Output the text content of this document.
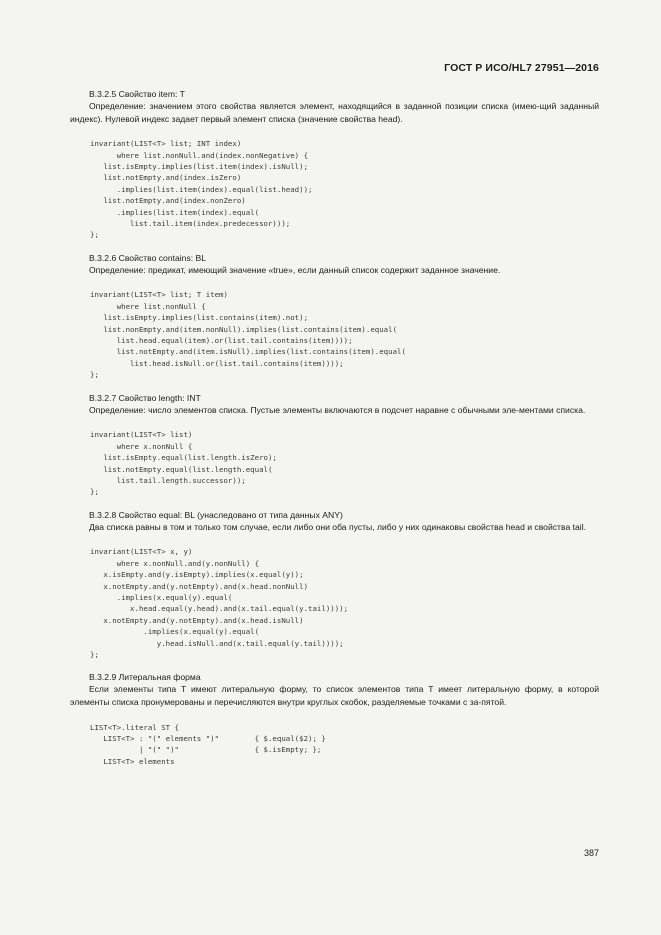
ГОСТ Р ИСО/HL7 27951—2016
B.3.2.5 Свойство item: T
Определение: значением этого свойства является элемент, находящийся в заданной позиции списка (имею-щий заданный индекс). Нулевой индекс задает первый элемент списка (значение свойства head).
invariant(LIST<T> list; INT index)
where list.nonNull.and(index.nonNegative) {
list.isEmpty.implies(list.item(index).isNull);
list.notEmpty.and(index.isZero)
.implies(list.item(index).equal(list.head));
list.notEmpty.and(index.nonZero)
.implies(list.item(index).equal(
list.tail.item(index.predecessor)));
};
B.3.2.6 Свойство contains: BL
Определение: предикат, имеющий значение «true», если данный список содержит заданное значение.
invariant(LIST<T> list; T item)
where list.nonNull {
list.isEmpty.implies(list.contains(item).not);
list.nonEmpty.and(item.nonNull).implies(list.contains(item).equal(
list.head.equal(item).or(list.tail.contains(item))));
list.notEmpty.and(item.isNull).implies(list.contains(item).equal(
list.head.isNull.or(list.tail.contains(item))));
};
B.3.2.7 Свойство length: INT
Определение: число элементов списка. Пустые элементы включаются в подсчет наравне с обычными эле-ментами списка.
invariant(LIST<T> list)
where x.nonNull {
list.isEmpty.equal(list.length.isZero);
list.notEmpty.equal(list.length.equal(
list.tail.length.successor));
};
B.3.2.8 Свойство equal: BL (унаследовано от типа данных ANY)
Два списка равны в том и только том случае, если либо они оба пусты, либо у них одинаковы свойства head и свойства tail.
invariant(LIST<T> x, y)
where x.nonNull.and(y.nonNull) {
x.isEmpty.and(y.isEmpty).implies(x.equal(y));
x.notEmpty.and(y.notEmpty).and(x.head.nonNull)
.implies(x.equal(y).equal(
x.head.equal(y.head).and(x.tail.equal(y.tail))));
x.notEmpty.and(y.notEmpty).and(x.head.isNull)
.implies(x.equal(y).equal(
y.head.isNull.and(x.tail.equal(y.tail))));
};
B.3.2.9 Литеральная форма
Если элементы типа T имеют литеральную форму, то список элементов типа T имеет литеральную форму, в которой элементы списка пронумерованы и перечисляются внутри круглых скобок, разделяемые точками с за-пятой.
LIST<T>.literal ST {
LIST<T> : "(" elements ")"        { $.equal($2); }
| "(" ")"                 { $.isEmpty; };
LIST<T> elements
387
